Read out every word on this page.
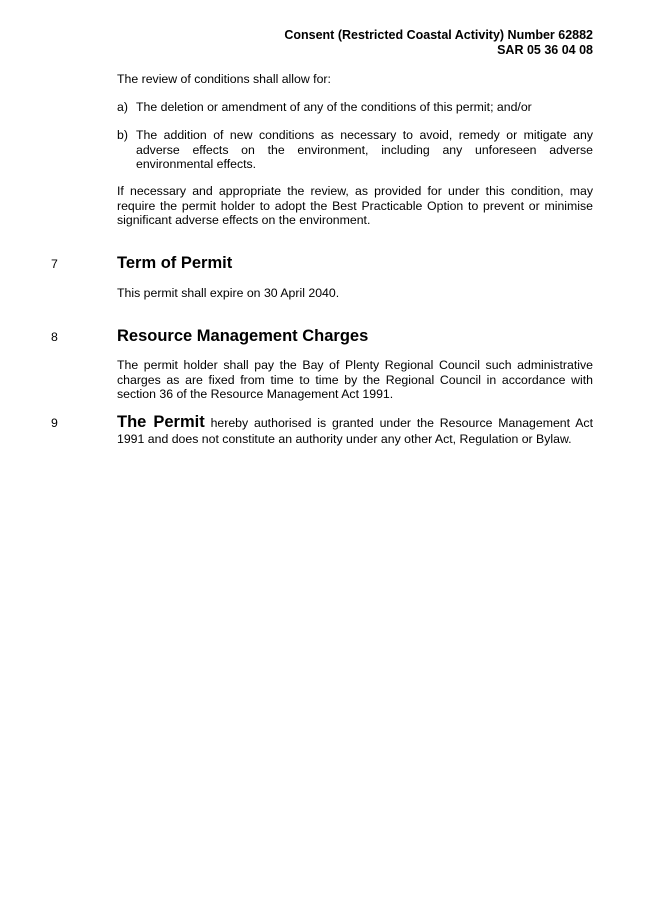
Consent (Restricted Coastal Activity) Number 62882
SAR 05 36 04 08
The review of conditions shall allow for:
a) The deletion or amendment of any of the conditions of this permit; and/or
b) The addition of new conditions as necessary to avoid, remedy or mitigate any adverse effects on the environment, including any unforeseen adverse environmental effects.
If necessary and appropriate the review, as provided for under this condition, may require the permit holder to adopt the Best Practicable Option to prevent or minimise significant adverse effects on the environment.
7	Term of Permit
This permit shall expire on 30 April 2040.
8	Resource Management Charges
The permit holder shall pay the Bay of Plenty Regional Council such administrative charges as are fixed from time to time by the Regional Council in accordance with section 36 of the Resource Management Act 1991.
9	The Permit hereby authorised is granted under the Resource Management Act 1991 and does not constitute an authority under any other Act, Regulation or Bylaw.
